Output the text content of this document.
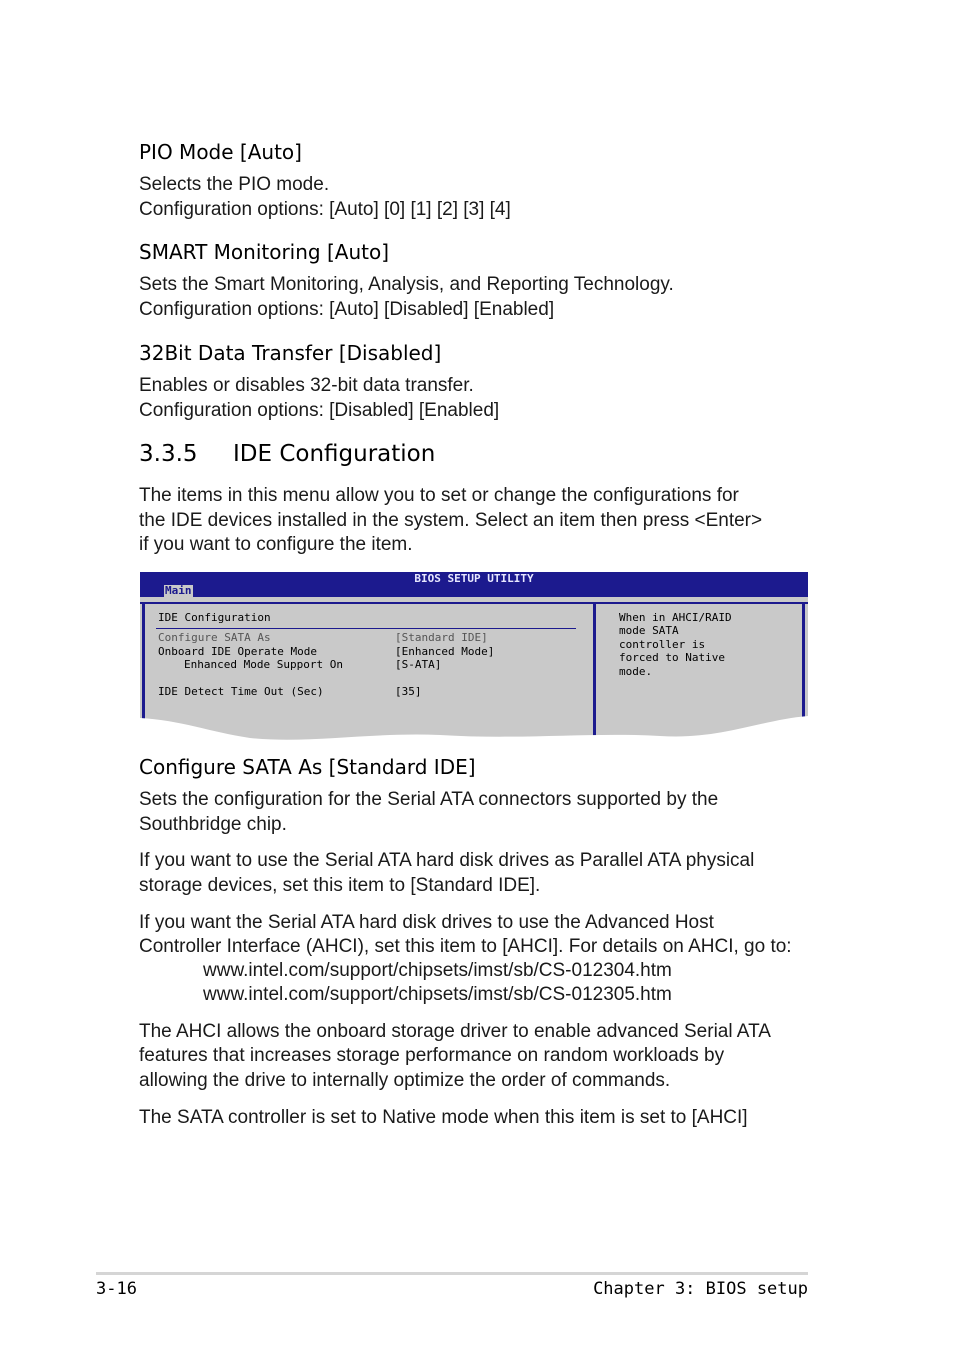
PIO Mode [Auto]
Selects the PIO mode.
Configuration options: [Auto] [0] [1] [2] [3] [4]
SMART Monitoring [Auto]
Sets the Smart Monitoring, Analysis, and Reporting Technology.
Configuration options: [Auto] [Disabled] [Enabled]
32Bit Data Transfer [Disabled]
Enables or disables 32-bit data transfer.
Configuration options: [Disabled] [Enabled]
3.3.5 IDE Configuration
The items in this menu allow you to set or change the configurations for
the IDE devices installed in the system. Select an item then press <Enter>
if you want to configure the item.
BIOS SETUP UTILITY
Main
IDE Configuration
Configure SATA As	[Standard IDE]
Onboard IDE Operate Mode	[Enhanced Mode]
Enhanced Mode Support On	[S-ATA]
IDE Detect Time Out (Sec)	[35]
When in AHCI/RAID
mode SATA
controller is
forced to Native
mode.
Configure SATA As [Standard IDE]
Sets the configuration for the Serial ATA connectors supported by the
Southbridge chip.
If you want to use the Serial ATA hard disk drives as Parallel ATA physical
storage devices, set this item to [Standard IDE].
If you want the Serial ATA hard disk drives to use the Advanced Host
Controller Interface (AHCI), set this item to [AHCI]. For details on AHCI, go to:
www.intel.com/support/chipsets/imst/sb/CS-012304.htm
www.intel.com/support/chipsets/imst/sb/CS-012305.htm
The AHCI allows the onboard storage driver to enable advanced Serial ATA
features that increases storage performance on random workloads by
allowing the drive to internally optimize the order of commands.
The SATA controller is set to Native mode when this item is set to [AHCI]
3-16	Chapter 3: BIOS setup
